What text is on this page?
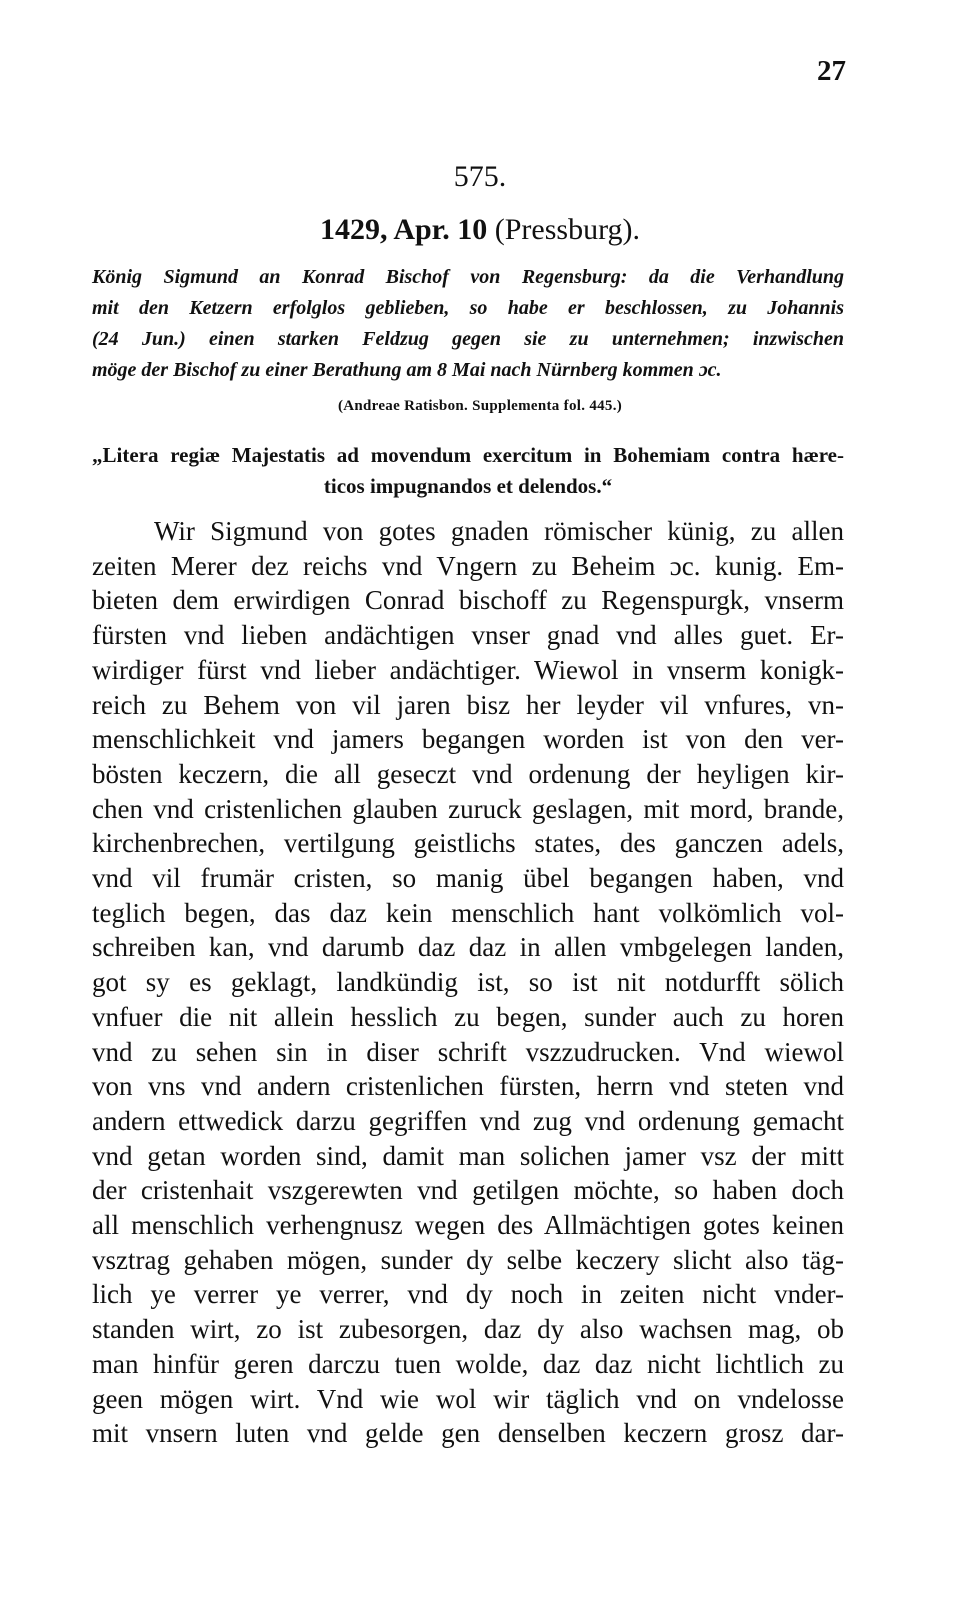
27
575.
1429, Apr. 10 (Pressburg).
König Sigmund an Konrad Bischof von Regensburg: da die Verhandlung
mit den Ketzern erfolglos geblieben, so habe er beschlossen, zu Johannis
(24 Jun.) einen starken Feldzug gegen sie zu unternehmen; inzwischen
möge der Bischof zu einer Berathung am 8 Mai nach Nürnberg kommen ɔc.
(Andreae Ratisbon. Supplementa fol. 445.)
„Litera regiæ Majestatis ad movendum exercitum in Bohemiam contra hære-
ticos impugnandos et delendos.“
Wir Sigmund von gotes gnaden römischer künig, zu allen
zeiten Merer dez reichs vnd Vngern zu Beheim ɔc. kunig. Em-
bieten dem erwirdigen Conrad bischoff zu Regenspurgk, vnserm
fürsten vnd lieben andächtigen vnser gnad vnd alles guet. Er-
wirdiger fürst vnd lieber andächtiger. Wiewol in vnserm konigk-
reich zu Behem von vil jaren bisz her leyder vil vnfures, vn-
menschlichkeit vnd jamers begangen worden ist von den ver-
bösten keczern, die all geseczt vnd ordenung der heyligen kir-
chen vnd cristenlichen glauben zuruck geslagen, mit mord, brande,
kirchenbrechen, vertilgung geistlichs states, des ganczen adels,
vnd vil frumär cristen, so manig übel begangen haben, vnd
teglich begen, das daz kein menschlich hant volkömlich vol-
schreiben kan, vnd darumb daz daz in allen vmbgelegen landen,
got sy es geklagt, landkündig ist, so ist nit notdurfft sölich
vnfuer die nit allein hesslich zu begen, sunder auch zu horen
vnd zu sehen sin in diser schrift vszzudrucken. Vnd wiewol
von vns vnd andern cristenlichen fürsten, herrn vnd steten vnd
andern ettwedick darzu gegriffen vnd zug vnd ordenung gemacht
vnd getan worden sind, damit man solichen jamer vsz der mitt
der cristenhait vszgerewten vnd getilgen möchte, so haben doch
all menschlich verhengnusz wegen des Allmächtigen gotes keinen
vsztrag gehaben mögen, sunder dy selbe keczery slicht also täg-
lich ye verrer ye verrer, vnd dy noch in zeiten nicht vnder-
standen wirt, zo ist zubesorgen, daz dy also wachsen mag, ob
man hinfür geren darczu tuen wolde, daz daz nicht lichtlich zu
geen mögen wirt. Vnd wie wol wir täglich vnd on vndelosse
mit vnsern luten vnd gelde gen denselben keczern grosz dar-
